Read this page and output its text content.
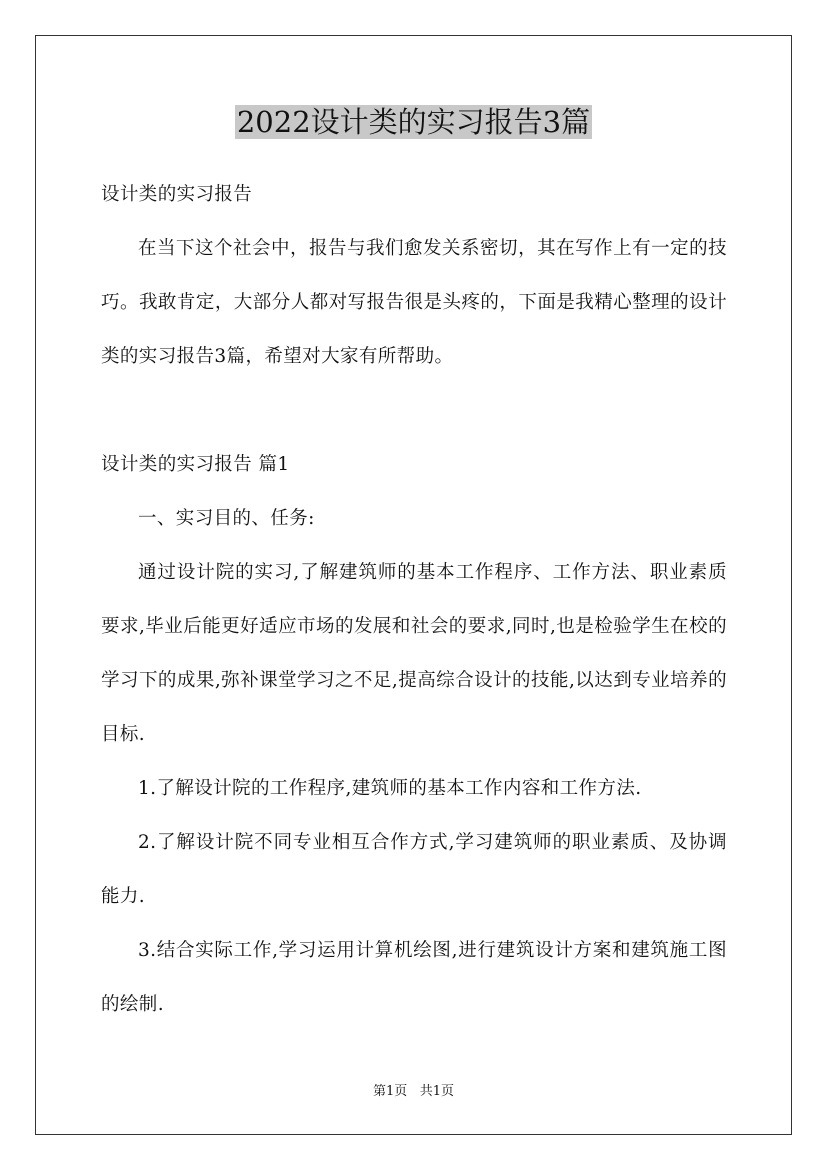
2022设计类的实习报告3篇

设计类的实习报告

在当下这个社会中，报告与我们愈发关系密切，其在写作上有一定的技巧。我敢肯定，大部分人都对写报告很是头疼的，下面是我精心整理的设计类的实习报告3篇，希望对大家有所帮助。

设计类的实习报告 篇1

一、实习目的、任务:

通过设计院的实习,了解建筑师的基本工作程序、工作方法、职业素质要求,毕业后能更好适应市场的发展和社会的要求,同时,也是检验学生在校的学习下的成果,弥补课堂学习之不足,提高综合设计的技能,以达到专业培养的目标.

1.了解设计院的工作程序,建筑师的基本工作内容和工作方法.

2.了解设计院不同专业相互合作方式,学习建筑师的职业素质、及协调能力.

3.结合实际工作,学习运用计算机绘图,进行建筑设计方案和建筑施工图的绘制.

第1页 共1页
